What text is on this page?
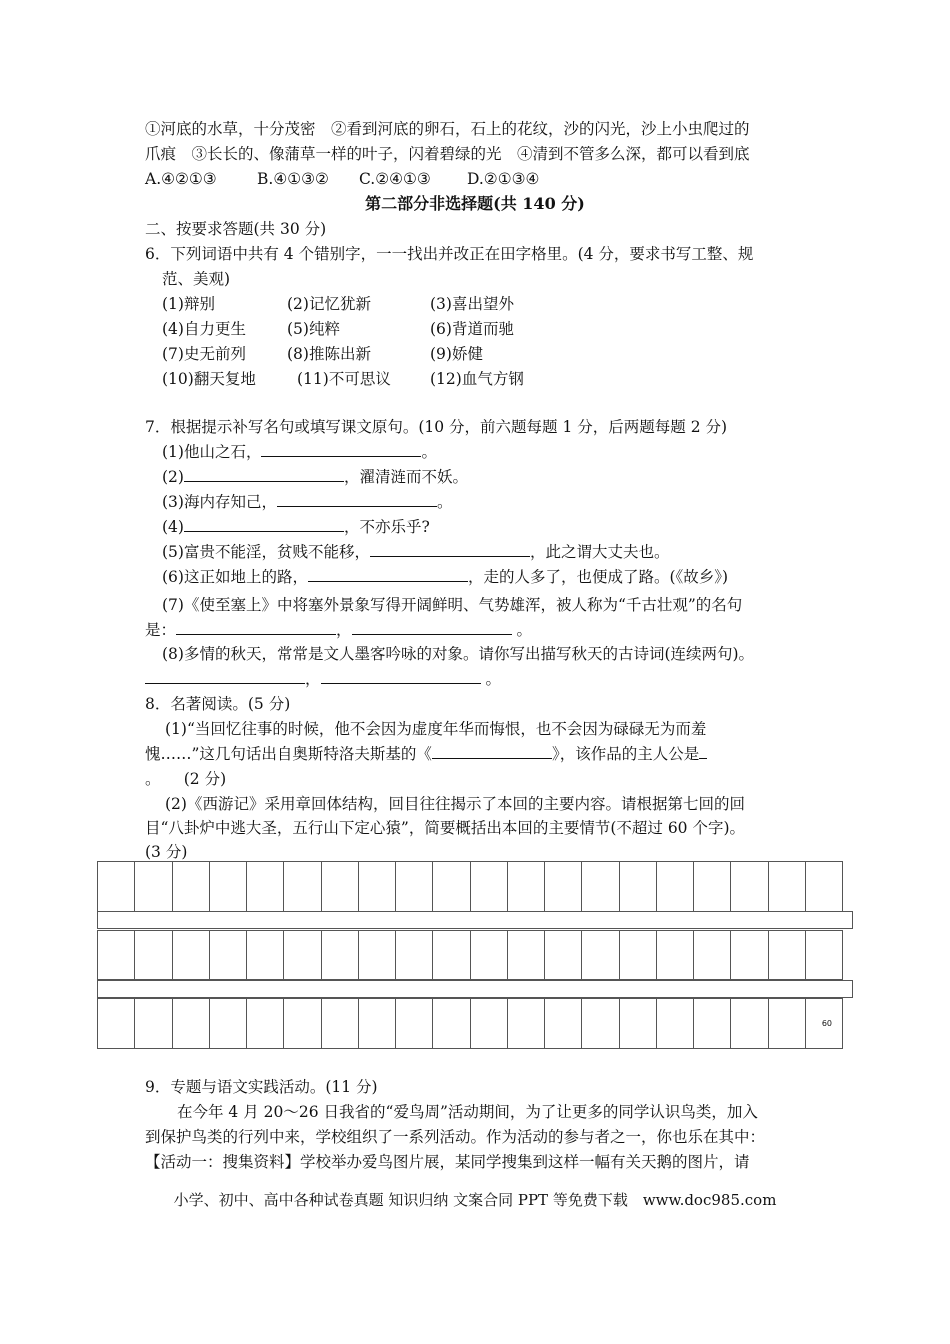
①河底的水草，十分茂密　②看到河底的卵石，石上的花纹，沙的闪光，沙上小虫爬过的
爪痕　③长长的、像蒲草一样的叶子，闪着碧绿的光　④清到不管多么深，都可以看到底
A.④②①③	B.④①③②	C.②④①③	D.②①③④
第二部分非选择题(共 140 分)
二、按要求答题(共 30 分)
6．下列词语中共有 4 个错别字，一一找出并改正在田字格里。(4 分，要求书写工整、规
范、美观)
(1)辩别	(2)记忆犹新	(3)喜出望外
(4)自力更生	(5)纯粹	(6)背道而驰
(7)史无前列	(8)推陈出新	(9)娇健
(10)翻天复地	(11)不可思议	(12)血气方钢
7．根据提示补写名句或填写课文原句。(10 分，前六题每题 1 分，后两题每题 2 分)
(1)他山之石，	。
(2)	，濯清涟而不妖。
(3)海内存知己，	。
(4)	，不亦乐乎?
(5)富贵不能淫，贫贱不能移，	，此之谓大丈夫也。
(6)这正如地上的路，	，走的人多了，也便成了路。(《故乡》)
(7)《使至塞上》中将塞外景象写得开阔鲜明、气势雄浑，被人称为“千古壮观”的名句
是：	，	。
(8)多情的秋天，常常是文人墨客吟咏的对象。请你写出描写秋天的古诗词(连续两句)。
，	。
8．名著阅读。(5 分)
(1)“当回忆往事的时候，他不会因为虚度年华而悔恨，也不会因为碌碌无为而羞
愧……”这几句话出自奥斯特洛夫斯基的《	》，该作品的主人公是
。　　(2 分)
(2)《西游记》采用章回体结构，回目往往揭示了本回的主要内容。请根据第七回的回
目“八卦炉中逃大圣，五行山下定心猿”，简要概括出本回的主要情节(不超过 60 个字)。
(3 分)
60
9．专题与语文实践活动。(11 分)
在今年 4 月 20～26 日我省的“爱鸟周”活动期间，为了让更多的同学认识鸟类，加入
到保护鸟类的行列中来，学校组织了一系列活动。作为活动的参与者之一，你也乐在其中：
【活动一：搜集资料】学校举办爱鸟图片展，某同学搜集到这样一幅有关天鹅的图片，请
小学、初中、高中各种试卷真题 知识归纳 文案合同 PPT 等免费下载　www.doc985.com
